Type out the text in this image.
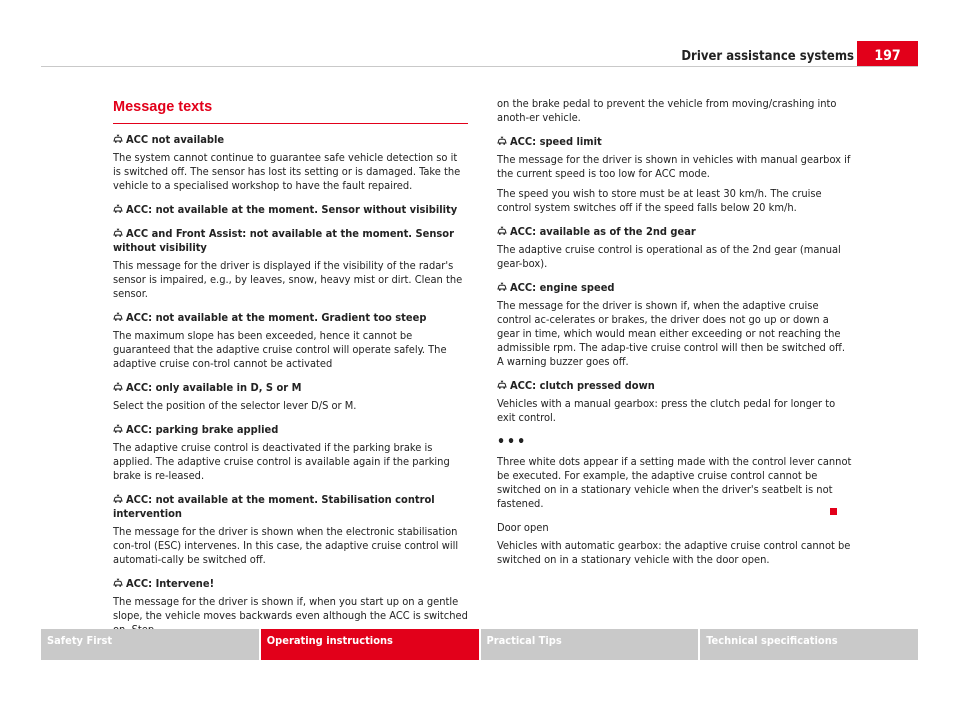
Driver assistance systems	197
Message texts
ACC not available
The system cannot continue to guarantee safe vehicle detection so it is switched off. The sensor has lost its setting or is damaged. Take the vehicle to a specialised workshop to have the fault repaired.
ACC: not available at the moment. Sensor without visibility
ACC and Front Assist: not available at the moment. Sensor without visibility
This message for the driver is displayed if the visibility of the radar's sensor is impaired, e.g., by leaves, snow, heavy mist or dirt. Clean the sensor.
ACC: not available at the moment. Gradient too steep
The maximum slope has been exceeded, hence it cannot be guaranteed that the adaptive cruise control will operate safely. The adaptive cruise con-trol cannot be activated
ACC: only available in D, S or M
Select the position of the selector lever D/S or M.
ACC: parking brake applied
The adaptive cruise control is deactivated if the parking brake is applied. The adaptive cruise control is available again if the parking brake is re-leased.
ACC: not available at the moment. Stabilisation control intervention
The message for the driver is shown when the electronic stabilisation con-trol (ESC) intervenes. In this case, the adaptive cruise control will automati-cally be switched off.
ACC: Intervene!
The message for the driver is shown if, when you start up on a gentle slope, the vehicle moves backwards even although the ACC is switched
on the brake pedal to prevent the vehicle from moving/crashing into anoth-er vehicle.
ACC: speed limit
The message for the driver is shown in vehicles with manual gearbox if the current speed is too low for ACC mode.
The speed you wish to store must be at least 30 km/h. The cruise control system switches off if the speed falls below 20 km/h.
ACC: available as of the 2nd gear
The adaptive cruise control is operational as of the 2nd gear (manual gear-box).
ACC: engine speed
The message for the driver is shown if, when the adaptive cruise control ac-celerates or brakes, the driver does not go up or down a gear in time, which would mean either exceeding or not reaching the admissible rpm. The adap-tive cruise control will then be switched off. A warning buzzer goes off.
ACC: clutch pressed down
Vehicles with a manual gearbox: press the clutch pedal for longer to exit control.
•••
Three white dots appear if a setting made with the control lever cannot be executed. For example, the adaptive cruise control cannot be switched on in a stationary vehicle when the driver's seatbelt is not fastened.
Door open
Vehicles with automatic gearbox: the adaptive cruise control cannot be switched on in a stationary vehicle with the door open.
Safety First	Operating instructions	Practical Tips	Technical specifications
